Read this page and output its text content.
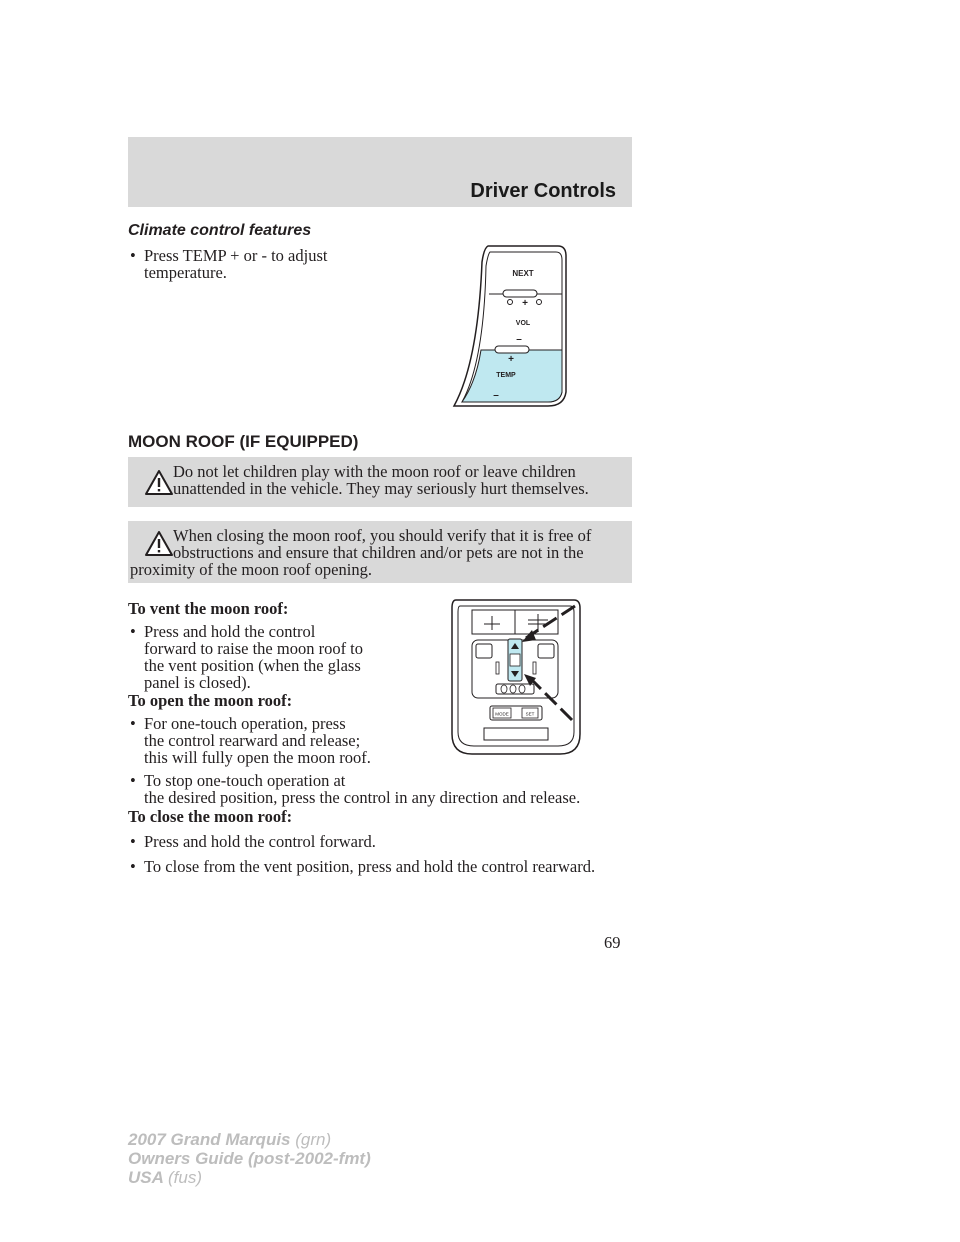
Driver Controls
Climate control features
• Press TEMP + or - to adjust
temperature.	NEXT
+
VOL
–
+
TEMP
–
MOON ROOF (IF EQUIPPED)
Do not let children play with the moon roof or leave children
unattended in the vehicle. They may seriously hurt themselves.
When closing the moon roof, you should verify that it is free of
obstructions and ensure that children and/or pets are not in the
proximity of the moon roof opening.
To vent the moon roof:
• Press and hold the control
forward to raise the moon roof to
the vent position (when the glass
panel is closed).
To open the moon roof:
• For one-touch operation, press
the control rearward and release;
this will fully open the moon roof.
• To stop one-touch operation at
the desired position, press the control in any direction and release.
To close the moon roof:
• Press and hold the control forward.
• To close from the vent position, press and hold the control rearward.
MODE	SET
69
2007 Grand Marquis (grn)
Owners Guide (post-2002-fmt)
USA (fus)
